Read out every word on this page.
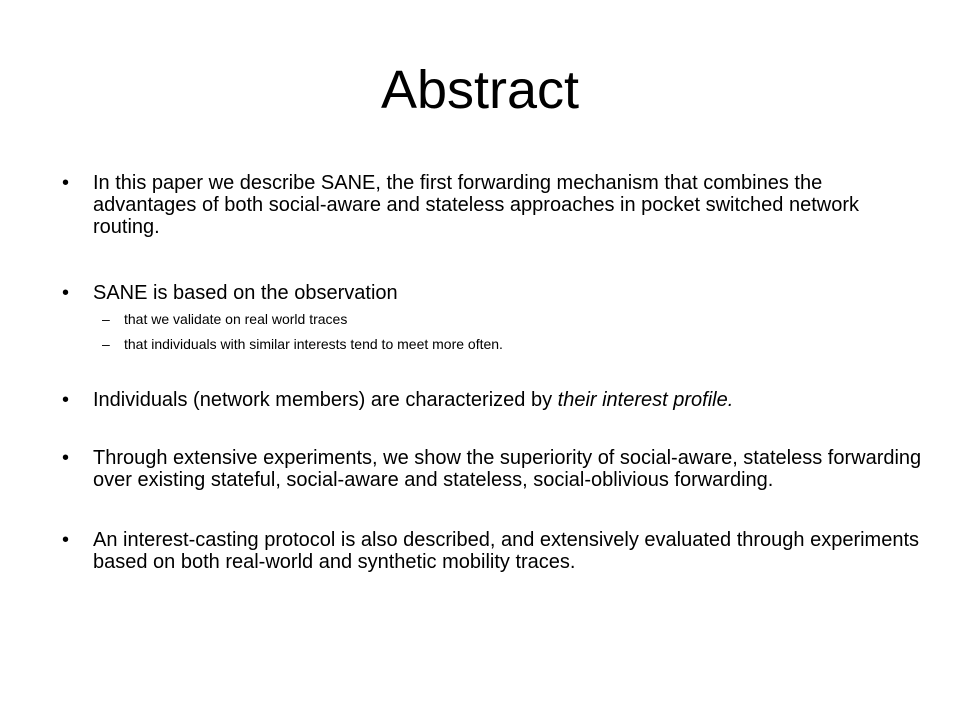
Abstract
• In this paper we describe SANE, the first forwarding mechanism that combines the advantages of both social-aware and stateless approaches in pocket switched network routing.
• SANE is based on the observation
– that we validate on real world traces
– that individuals with similar interests tend to meet more often.
• Individuals (network members) are characterized by their interest profile.
• Through extensive experiments, we show the superiority of social-aware, stateless forwarding over existing stateful, social-aware and stateless, social-oblivious forwarding.
• An interest-casting protocol is also described, and extensively evaluated through experiments based on both real-world and synthetic mobility traces.
